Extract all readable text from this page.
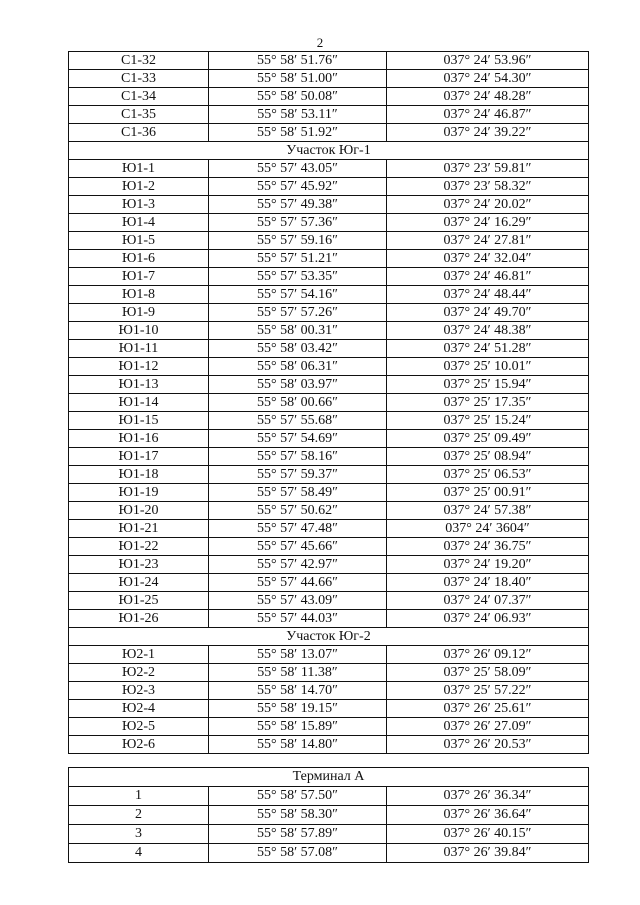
2
С1-32	55° 58′ 51.76″	037° 24′ 53.96″
С1-33	55° 58′ 51.00″	037° 24′ 54.30″
С1-34	55° 58′ 50.08″	037° 24′ 48.28″
С1-35	55° 58′ 53.11″	037° 24′ 46.87″
С1-36	55° 58′ 51.92″	037° 24′ 39.22″
Участок Юг-1		
Ю1-1	55° 57′ 43.05″	037° 23′ 59.81″
Ю1-2	55° 57′ 45.92″	037° 23′ 58.32″
Ю1-3	55° 57′ 49.38″	037° 24′ 20.02″
Ю1-4	55° 57′ 57.36″	037° 24′ 16.29″
Ю1-5	55° 57′ 59.16″	037° 24′ 27.81″
Ю1-6	55° 57′ 51.21″	037° 24′ 32.04″
Ю1-7	55° 57′ 53.35″	037° 24′ 46.81″
Ю1-8	55° 57′ 54.16″	037° 24′ 48.44″
Ю1-9	55° 57′ 57.26″	037° 24′ 49.70″
Ю1-10	55° 58′ 00.31″	037° 24′ 48.38″
Ю1-11	55° 58′ 03.42″	037° 24′ 51.28″
Ю1-12	55° 58′ 06.31″	037° 25′ 10.01″
Ю1-13	55° 58′ 03.97″	037° 25′ 15.94″
Ю1-14	55° 58′ 00.66″	037° 25′ 17.35″
Ю1-15	55° 57′ 55.68″	037° 25′ 15.24″
Ю1-16	55° 57′ 54.69″	037° 25′ 09.49″
Ю1-17	55° 57′ 58.16″	037° 25′ 08.94″
Ю1-18	55° 57′ 59.37″	037° 25′ 06.53″
Ю1-19	55° 57′ 58.49″	037° 25′ 00.91″
Ю1-20	55° 57′ 50.62″	037° 24′ 57.38″
Ю1-21	55° 57′ 47.48″	037° 24′ 3604″
Ю1-22	55° 57′ 45.66″	037° 24′ 36.75″
Ю1-23	55° 57′ 42.97″	037° 24′ 19.20″
Ю1-24	55° 57′ 44.66″	037° 24′ 18.40″
Ю1-25	55° 57′ 43.09″	037° 24′ 07.37″
Ю1-26	55° 57′ 44.03″	037° 24′ 06.93″
Участок Юг-2		
Ю2-1	55° 58′ 13.07″	037° 26′ 09.12″
Ю2-2	55° 58′ 11.38″	037° 25′ 58.09″
Ю2-3	55° 58′ 14.70″	037° 25′ 57.22″
Ю2-4	55° 58′ 19.15″	037° 26′ 25.61″
Ю2-5	55° 58′ 15.89″	037° 26′ 27.09″
Ю2-6	55° 58′ 14.80″	037° 26′ 20.53″
Терминал А		
1	55° 58′ 57.50″	037° 26′ 36.34″
2	55° 58′ 58.30″	037° 26′ 36.64″
3	55° 58′ 57.89″	037° 26′ 40.15″
4	55° 58′ 57.08″	037° 26′ 39.84″
